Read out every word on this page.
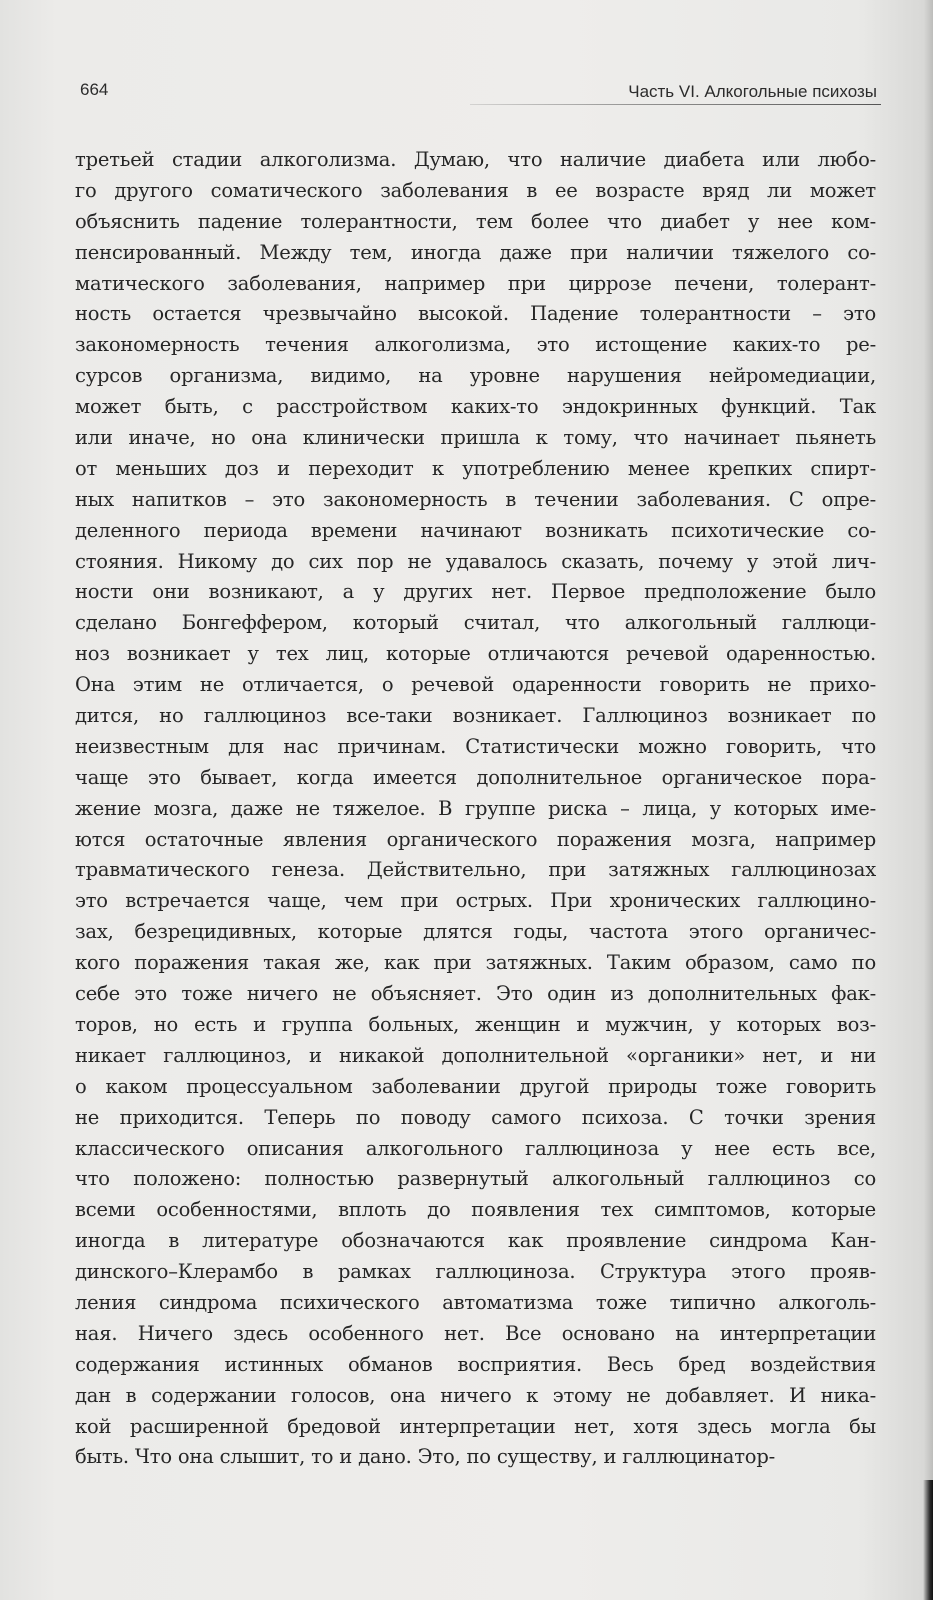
664	Часть VI. Алкогольные психозы
третьей стадии алкоголизма. Думаю, что наличие диабета или любо-
го другого соматического заболевания в ее возрасте вряд ли может
объяснить падение толерантности, тем более что диабет у нее ком-
пенсированный. Между тем, иногда даже при наличии тяжелого со-
матического заболевания, например при циррозе печени, толерант-
ность остается чрезвычайно высокой. Падение толерантности – это
закономерность течения алкоголизма, это истощение каких-то ре-
сурсов организма, видимо, на уровне нарушения нейромедиации,
может быть, с расстройством каких-то эндокринных функций. Так
или иначе, но она клинически пришла к тому, что начинает пьянеть
от меньших доз и переходит к употреблению менее крепких спирт-
ных напитков – это закономерность в течении заболевания. С опре-
деленного периода времени начинают возникать психотические со-
стояния. Никому до сих пор не удавалось сказать, почему у этой лич-
ности они возникают, а у других нет. Первое предположение было
сделано Бонгеффером, который считал, что алкогольный галлюци-
ноз возникает у тех лиц, которые отличаются речевой одаренностью.
Она этим не отличается, о речевой одаренности говорить не прихо-
дится, но галлюциноз все-таки возникает. Галлюциноз возникает по
неизвестным для нас причинам. Статистически можно говорить, что
чаще это бывает, когда имеется дополнительное органическое пора-
жение мозга, даже не тяжелое. В группе риска – лица, у которых име-
ются остаточные явления органического поражения мозга, например
травматического генеза. Действительно, при затяжных галлюцинозах
это встречается чаще, чем при острых. При хронических галлюцино-
зах, безрецидивных, которые длятся годы, частота этого органичес-
кого поражения такая же, как при затяжных. Таким образом, само по
себе это тоже ничего не объясняет. Это один из дополнительных фак-
торов, но есть и группа больных, женщин и мужчин, у которых воз-
никает галлюциноз, и никакой дополнительной «органики» нет, и ни
о каком процессуальном заболевании другой природы тоже говорить
не приходится. Теперь по поводу самого психоза. С точки зрения
классического описания алкогольного галлюциноза у нее есть все,
что положено: полностью развернутый алкогольный галлюциноз со
всеми особенностями, вплоть до появления тех симптомов, которые
иногда в литературе обозначаются как проявление синдрома Кан-
динского–Клерамбо в рамках галлюциноза. Структура этого прояв-
ления синдрома психического автоматизма тоже типично алкоголь-
ная. Ничего здесь особенного нет. Все основано на интерпретации
содержания истинных обманов восприятия. Весь бред воздействия
дан в содержании голосов, она ничего к этому не добавляет. И ника-
кой расширенной бредовой интерпретации нет, хотя здесь могла бы
быть. Что она слышит, то и дано. Это, по существу, и галлюцинатор-
